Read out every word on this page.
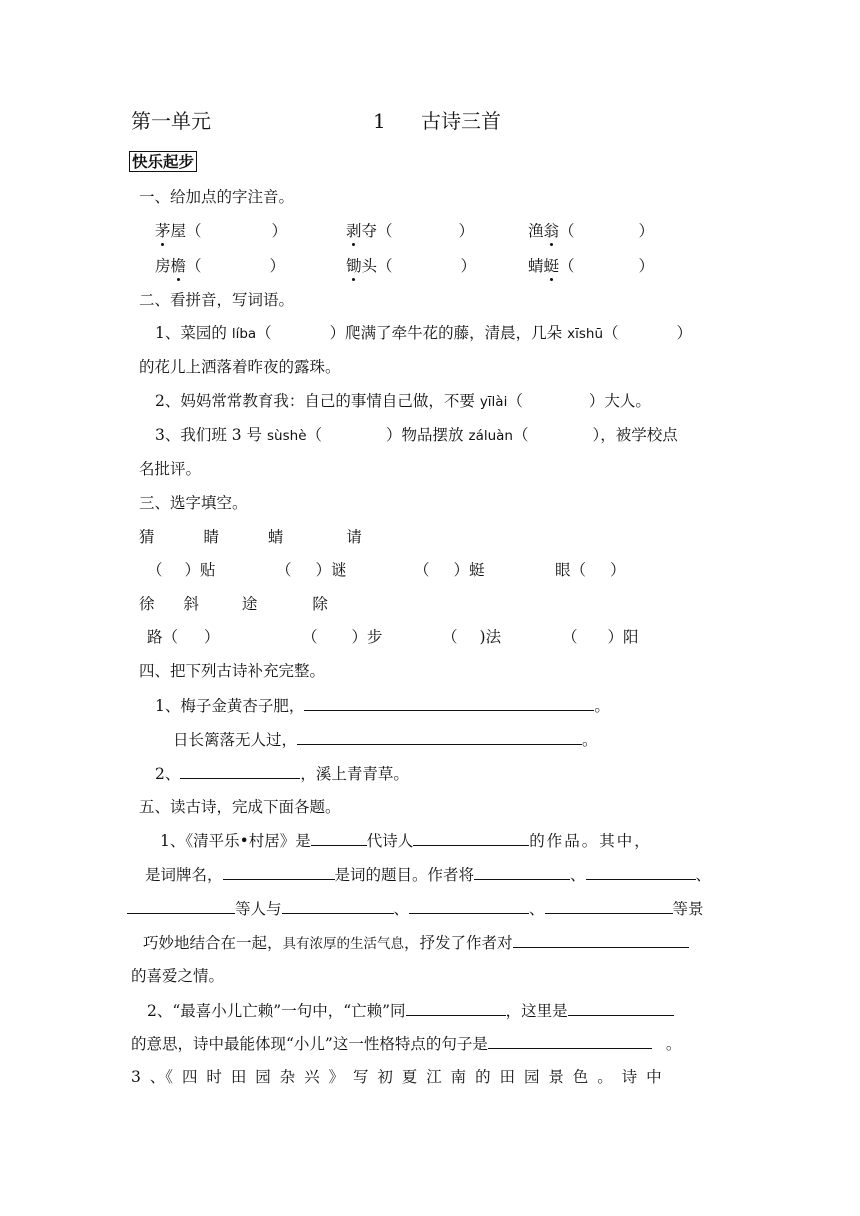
第一单元	1 古诗三首
快乐起步
一、给加点的字注音。
茅屋（	）	剥夺（	）	渔翁（	）
房檐（	）	锄头（	）	蜻蜓（	）
二、看拼音，写词语。
1、菜园的 líba（	）爬满了牵牛花的藤，清晨，几朵 xīshū（	）
的花儿上洒落着昨夜的露珠。
2、妈妈常常教育我：自己的事情自己做，不要 yīlài（	）大人。
3、我们班 3 号 sùshè（	）物品摆放 záluàn（	），被学校点
名批评。
三、选字填空。
猜	睛	蜻	请
（ ）贴	（ ）谜	（ ）蜓	眼（ ）
徐 斜	途	除
路（ ）	（ ）步	（ )法	（ ）阳
四、把下列古诗补充完整。
1、梅子金黄杏子肥，	。
日长篱落无人过，	。
2、	，溪上青青草。
五、读古诗，完成下面各题。
1、《清平乐•村居》是	代诗人	的作品。其中，
是词牌名，	是词的题目。作者将	、	、
等人与	、	、	等景
巧妙地结合在一起，具有浓厚的生活气息，抒发了作者对
的喜爱之情。
2、“最喜小儿亡赖”一句中，“亡赖”同	，这里是
的意思，诗中最能体现“小儿”这一性格特点的句子是	。
3 、《 四 时 田 园 杂 兴 》 写 初 夏 江 南 的 田 园 景 色 。 诗 中
